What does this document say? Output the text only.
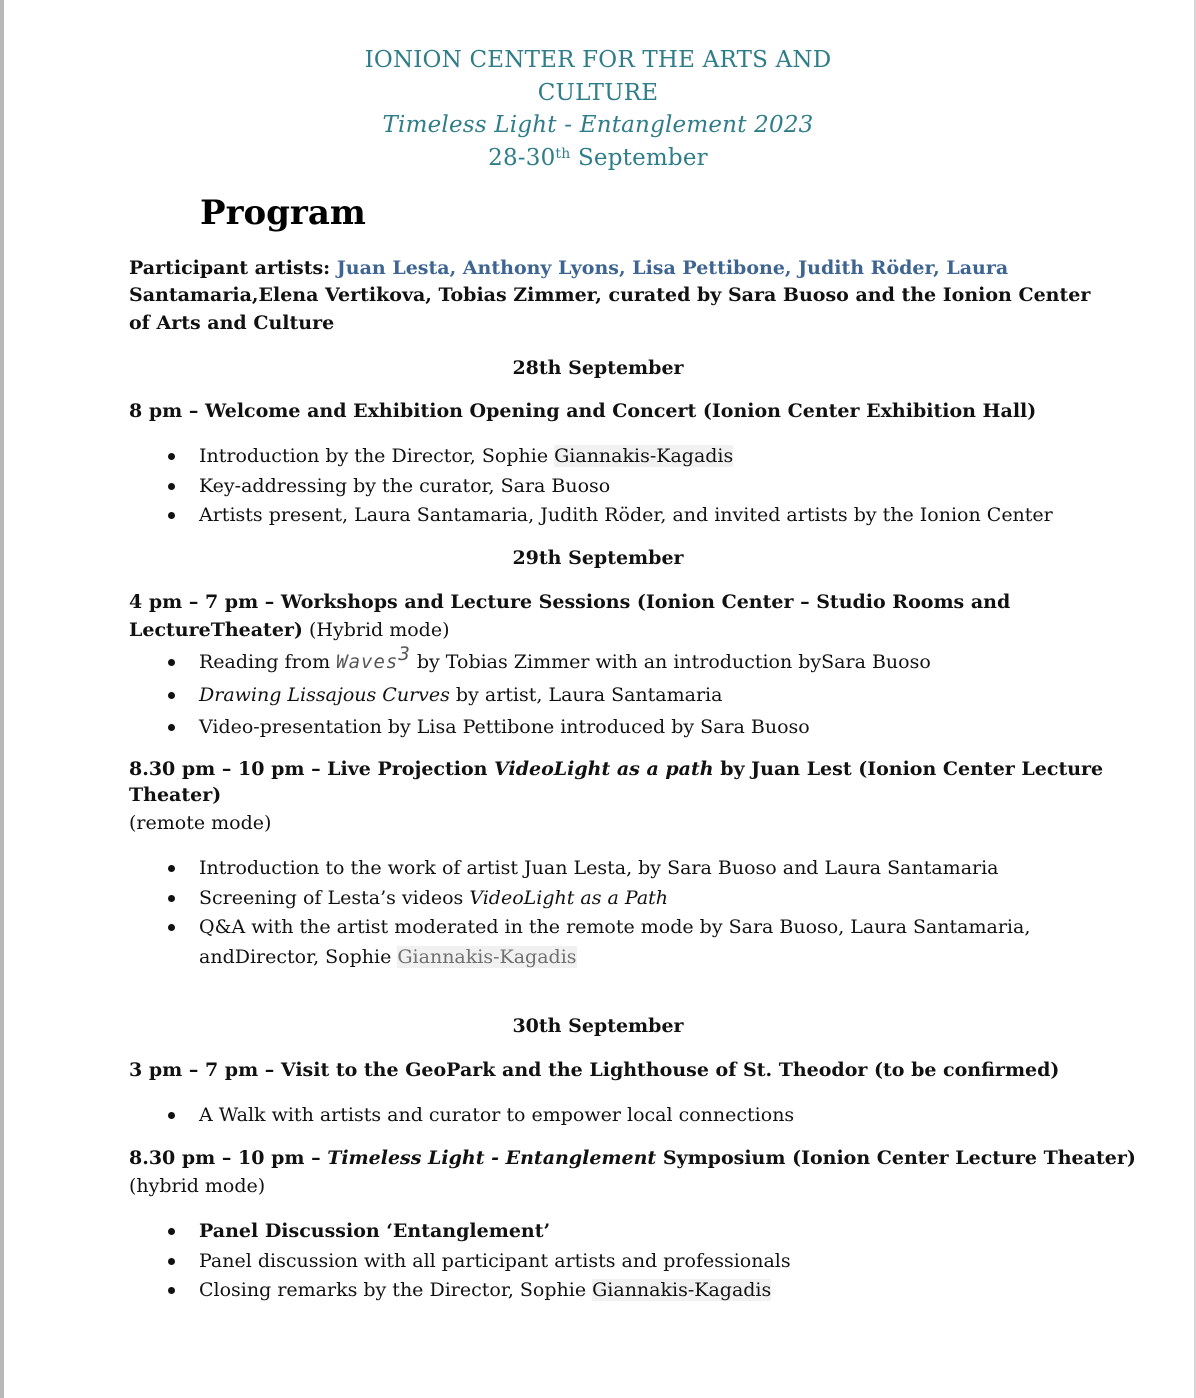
IONION CENTER FOR THE ARTS AND
CULTURE
Timeless Light - Entanglement 2023
28-30th September
Program
Participant artists: Juan Lesta, Anthony Lyons, Lisa Pettibone, Judith Röder, Laura
Santamaria,Elena Vertikova, Tobias Zimmer, curated by Sara Buoso and the Ionion Center
of Arts and Culture
28th September
8 pm – Welcome and Exhibition Opening and Concert (Ionion Center Exhibition Hall)
Introduction by the Director, Sophie Giannakis-Kagadis
Key-addressing by the curator, Sara Buoso
Artists present, Laura Santamaria, Judith Röder, and invited artists by the Ionion Center
29th September
4 pm – 7 pm – Workshops and Lecture Sessions (Ionion Center – Studio Rooms and
LectureTheater) (Hybrid mode)
Reading from Waves3 by Tobias Zimmer with an introduction bySara Buoso
Drawing Lissajous Curves by artist, Laura Santamaria
Video-presentation by Lisa Pettibone introduced by Sara Buoso
8.30 pm – 10 pm – Live Projection VideoLight as a path by Juan Lest (Ionion Center Lecture
Theater)
(remote mode)
Introduction to the work of artist Juan Lesta, by Sara Buoso and Laura Santamaria
Screening of Lesta’s videos VideoLight as a Path
Q&A with the artist moderated in the remote mode by Sara Buoso, Laura Santamaria,
andDirector, Sophie Giannakis-Kagadis
30th September
3 pm – 7 pm – Visit to the GeoPark and the Lighthouse of St. Theodor (to be confirmed)
A Walk with artists and curator to empower local connections
8.30 pm – 10 pm – Timeless Light - Entanglement Symposium (Ionion Center Lecture Theater)
(hybrid mode)
Panel Discussion ‘Entanglement’
Panel discussion with all participant artists and professionals
Closing remarks by the Director, Sophie Giannakis-Kagadis
